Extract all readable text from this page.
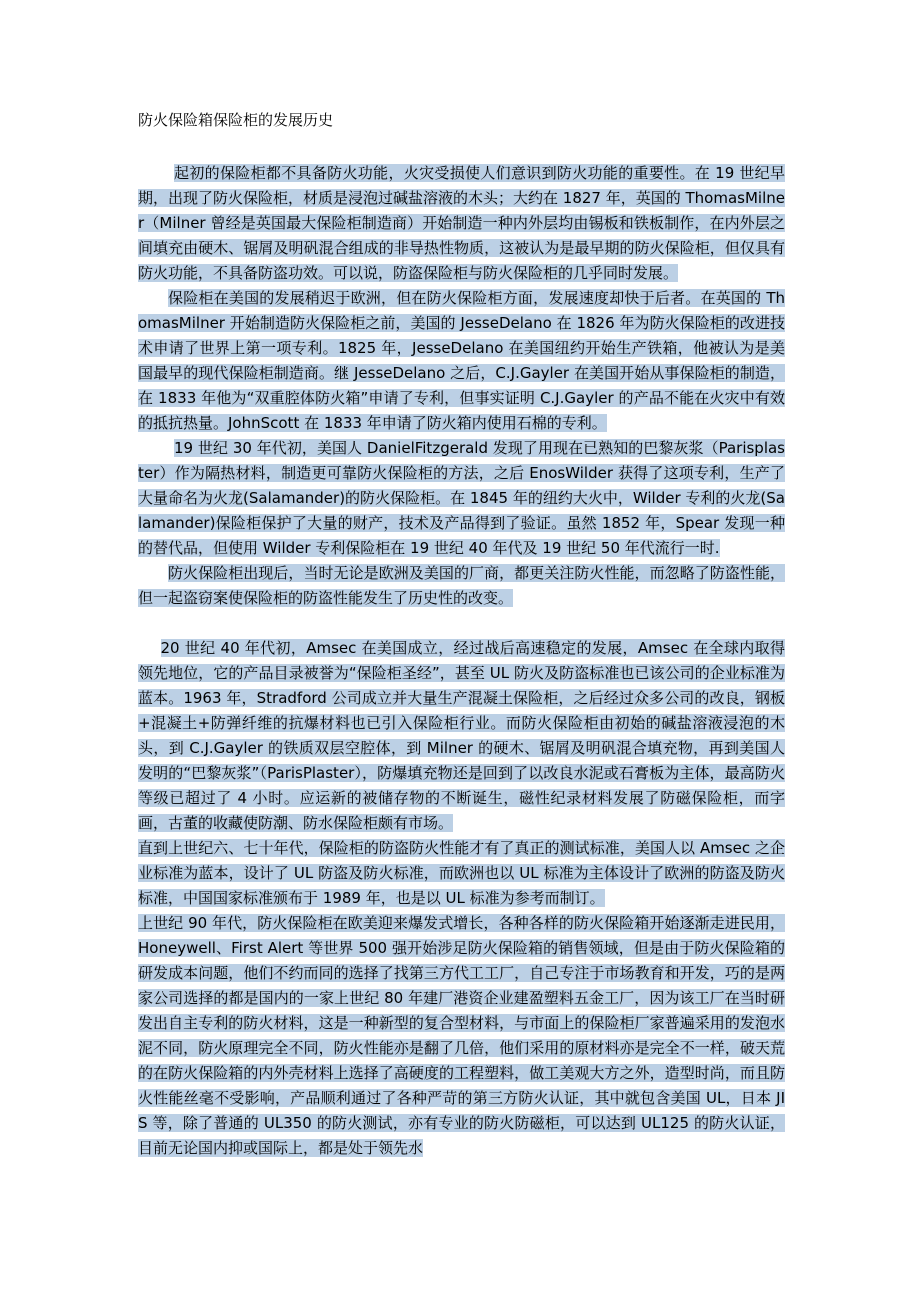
防火保险箱保险柜的发展历史

起初的保险柜都不具备防火功能，火灾受损使人们意识到防火功能的重要性。在 19 世纪早期，出现了防火保险柜，材质是浸泡过碱盐溶液的木头；大约在 1827 年，英国的 ThomasMilner（Milner 曾经是英国最大保险柜制造商）开始制造一种内外层均由锡板和铁板制作，在内外层之间填充由硬木、锯屑及明矾混合组成的非导热性物质，这被认为是最早期的防火保险柜，但仅具有防火功能，不具备防盗功效。可以说，防盗保险柜与防火保险柜的几乎同时发展。

保险柜在美国的发展稍迟于欧洲，但在防火保险柜方面，发展速度却快于后者。在英国的 ThomasMilner 开始制造防火保险柜之前，美国的 JesseDelano 在 1826 年为防火保险柜的改进技术申请了世界上第一项专利。1825 年，JesseDelano 在美国纽约开始生产铁箱，他被认为是美国最早的现代保险柜制造商。继 JesseDelano 之后，C.J.Gayler 在美国开始从事保险柜的制造，在 1833 年他为“双重腔体防火箱”申请了专利，但事实证明 C.J.Gayler 的产品不能在火灾中有效的抵抗热量。JohnScott 在 1833 年申请了防火箱内使用石棉的专利。

19 世纪 30 年代初，美国人 DanielFitzgerald 发现了用现在已熟知的巴黎灰浆（Parisplaster）作为隔热材料，制造更可靠防火保险柜的方法，之后 EnosWilder 获得了这项专利，生产了大量命名为火龙(Salamander)的防火保险柜。在 1845 年的纽约大火中，Wilder 专利的火龙(Salamander)保险柜保护了大量的财产，技术及产品得到了验证。虽然 1852 年，Spear 发现一种的替代品，但使用 Wilder 专利保险柜在 19 世纪 40 年代及 19 世纪 50 年代流行一时.

防火保险柜出现后，当时无论是欧洲及美国的厂商，都更关注防火性能，而忽略了防盗性能，但一起盗窃案使保险柜的防盗性能发生了历史性的改变。

20 世纪 40 年代初，Amsec 在美国成立，经过战后高速稳定的发展，Amsec 在全球内取得领先地位，它的产品目录被誉为“保险柜圣经”，甚至 UL 防火及防盗标准也已该公司的企业标准为蓝本。1963 年，Stradford 公司成立并大量生产混凝土保险柜，之后经过众多公司的改良，钢板+混凝土+防弹纤维的抗爆材料也已引入保险柜行业。而防火保险柜由初始的碱盐溶液浸泡的木头，到 C.J.Gayler 的铁质双层空腔体，到 Milner 的硬木、锯屑及明矾混合填充物，再到美国人发明的“巴黎灰浆”（ParisPlaster），防爆填充物还是回到了以改良水泥或石膏板为主体，最高防火等级已超过了 4 小时。应运新的被储存物的不断诞生，磁性纪录材料发展了防磁保险柜，而字画，古董的收藏使防潮、防水保险柜颇有市场。

直到上世纪六、七十年代，保险柜的防盗防火性能才有了真正的测试标准，美国人以 Amsec 之企业标准为蓝本，设计了 UL 防盗及防火标准，而欧洲也以 UL 标准为主体设计了欧洲的防盗及防火标准，中国国家标准颁布于 1989 年，也是以 UL 标准为参考而制订。

上世纪 90 年代，防火保险柜在欧美迎来爆发式增长，各种各样的防火保险箱开始逐渐走进民用，Honeywell、First Alert 等世界 500 强开始涉足防火保险箱的销售领域，但是由于防火保险箱的研发成本问题，他们不约而同的选择了找第三方代工工厂，自己专注于市场教育和开发，巧的是两家公司选择的都是国内的一家上世纪 80 年建厂港资企业建盈塑料五金工厂，因为该工厂在当时研发出自主专利的防火材料，这是一种新型的复合型材料，与市面上的保险柜厂家普遍采用的发泡水泥不同，防火原理完全不同，防火性能亦是翻了几倍，他们采用的原材料亦是完全不一样，破天荒的在防火保险箱的内外壳材料上选择了高硬度的工程塑料，做工美观大方之外，造型时尚，而且防火性能丝毫不受影响，产品顺利通过了各种严苛的第三方防火认证，其中就包含美国 UL，日本 JIS 等，除了普通的 UL350 的防火测试，亦有专业的防火防磁柜，可以达到 UL125 的防火认证，目前无论国内抑或国际上，都是处于领先水
